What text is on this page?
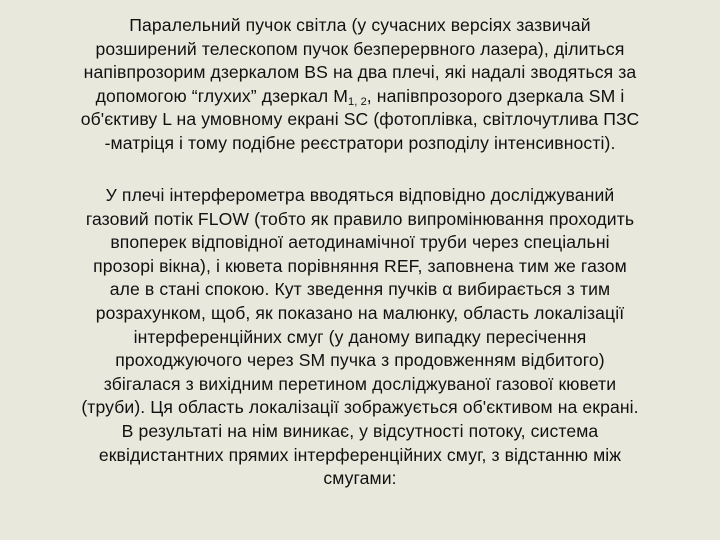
Паралельний пучок світла (у сучасних версіях зазвичай
розширений телескопом пучок безперервного лазера), ділиться
напівпрозорим дзеркалом BS на два плечі, які надалі зводяться за
допомогою “глухих” дзеркал $М_{1, 2}$, напівпрозорого дзеркала SM і
об'єктиву L на умовному екрані SC (фотоплівка, світлочутлива ПЗС
-матріця і тому подібне реєстратори розподілу інтенсивності).

У плечі інтерферометра вводяться відповідно досліджуваний
газовий потік FLOW (тобто як правило випромінювання проходить
впоперек відповідної аетодинамічної труби через спеціальні
прозорі вікна), і кювета порівняння REF, заповнена тим же газом
але в стані спокою. Кут зведення пучків α вибирається з тим
розрахунком, щоб, як показано на малюнку, область локалізації
інтерференційних смуг (у даному випадку пересічення
проходжуючого через SM пучка з продовженням відбитого)
збігалася з вихідним перетином досліджуваної газової кювети
(труби). Ця область локалізації зображується об'єктивом на екрані.
В результаті на нім виникає, у відсутності потоку, система
еквідистантних прямих інтерференційних смуг, з відстанню між
смугами:
